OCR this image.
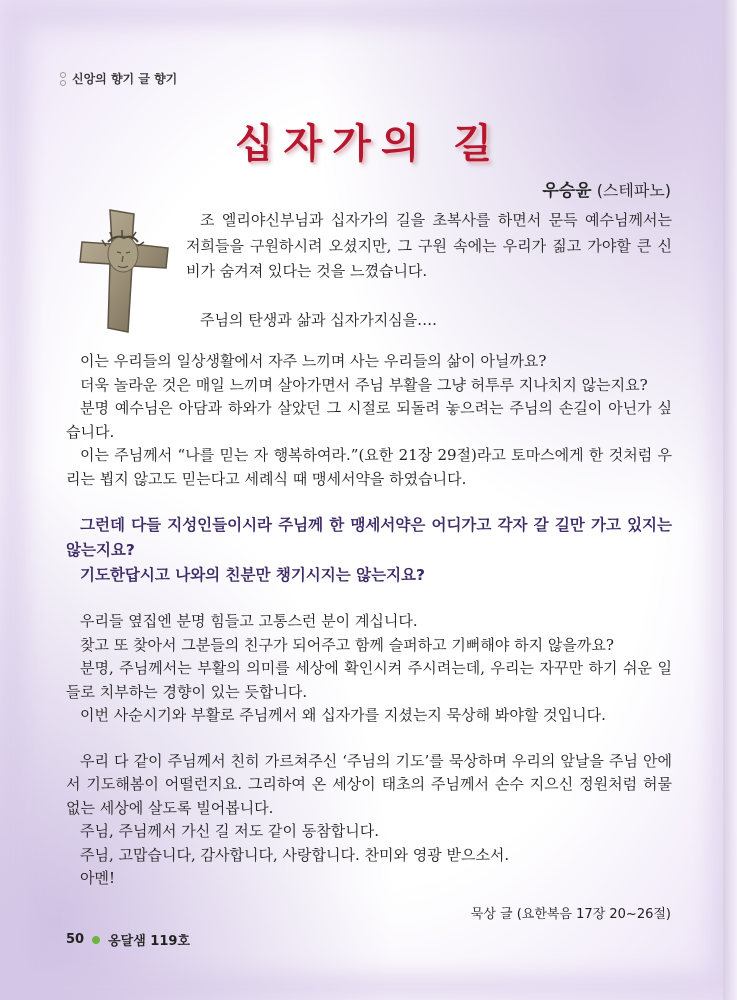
신앙의 향기 글 향기
십자가의 길
우승윤 (스테파노)

조 엘리야신부님과 십자가의 길을 초복사를 하면서 문득 예수님께서는 저희들을 구원하시려 오셨지만, 그 구원 속에는 우리가 짊고 가야할 큰 신비가 숨겨져 있다는 것을 느꼈습니다.

주님의 탄생과 삶과 십자가지심을….

이는 우리들의 일상생활에서 자주 느끼며 사는 우리들의 삶이 아닐까요?

더욱 놀라운 것은 매일 느끼며 살아가면서 주님 부활을 그냥 허투루 지나치지 않는지요?

분명 예수님은 아담과 하와가 살았던 그 시절로 되돌려 놓으려는 주님의 손길이 아닌가 싶습니다.

이는 주님께서 “나를 믿는 자 행복하여라.”(요한 21장 29절)라고 토마스에게 한 것처럼 우리는 뵙지 않고도 믿는다고 세례식 때 맹세서약을 하였습니다.

그런데 다들 지성인들이시라 주님께 한 맹세서약은 어디가고 각자 갈 길만 가고 있지는 않는지요?

기도한답시고 나와의 친분만 챙기시지는 않는지요?

우리들 옆집엔 분명 힘들고 고통스런 분이 계십니다.

찾고 또 찾아서 그분들의 친구가 되어주고 함께 슬퍼하고 기뻐해야 하지 않을까요?

분명, 주님께서는 부활의 의미를 세상에 확인시켜 주시려는데, 우리는 자꾸만 하기 쉬운 일들로 치부하는 경향이 있는 듯합니다.

이번 사순시기와 부활로 주님께서 왜 십자가를 지셨는지 묵상해 봐야할 것입니다.

우리 다 같이 주님께서 친히 가르쳐주신 ‘주님의 기도’를 묵상하며 우리의 앞날을 주님 안에서 기도해봄이 어떨런지요. 그리하여 온 세상이 태초의 주님께서 손수 지으신 정원처럼 허물없는 세상에 살도록 빌어봅니다.

주님, 주님께서 가신 길 저도 같이 동참합니다.

주님, 고맙습니다, 감사합니다, 사랑합니다. 찬미와 영광 받으소서.

아멘!

묵상 글 (요한복음 17장 20~26절)
50 옹달샘 119호
